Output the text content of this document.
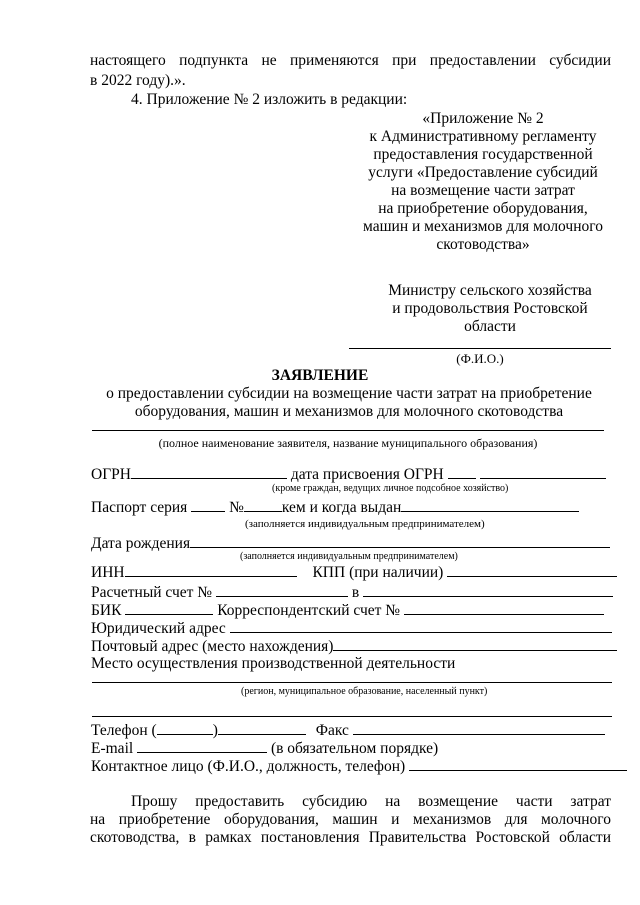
настоящего подпункта не применяются при предоставлении субсидии
в 2022 году).».
4. Приложение № 2 изложить в редакции:
«Приложение № 2
к Административному регламенту
предоставления государственной
услуги «Предоставление субсидий
на возмещение части затрат
на приобретение оборудования,
машин и механизмов для молочного
скотоводства»
Министру сельского хозяйства
и продовольствия Ростовской
области
(Ф.И.О.)
ЗАЯВЛЕНИЕ
о предоставлении субсидии на возмещение части затрат на приобретение
оборудования, машин и механизмов для молочного скотоводства
(полное наименование заявителя, название муниципального образования)
ОГРН	дата присвоения ОГРН
(кроме граждан, ведущих личное подсобное хозяйство)
Паспорт серия	№ кем и когда выдан
(заполняется индивидуальным предпринимателем)
Дата рождения
(заполняется индивидуальным предпринимателем)
ИНН	КПП (при наличии)
Расчетный счет №	в
БИК	Корреспондентский счет №
Юридический адрес
Почтовый адрес (место нахождения)
Место осуществления производственной деятельности
(регион, муниципальное образование, населенный пункт)
Телефон (	)	Факс
E-mail	(в обязательном порядке)
Контактное лицо (Ф.И.О., должность, телефон)
Прошу предоставить субсидию на возмещение части затрат
на приобретение оборудования, машин и механизмов для молочного
скотоводства, в рамках постановления Правительства Ростовской области
